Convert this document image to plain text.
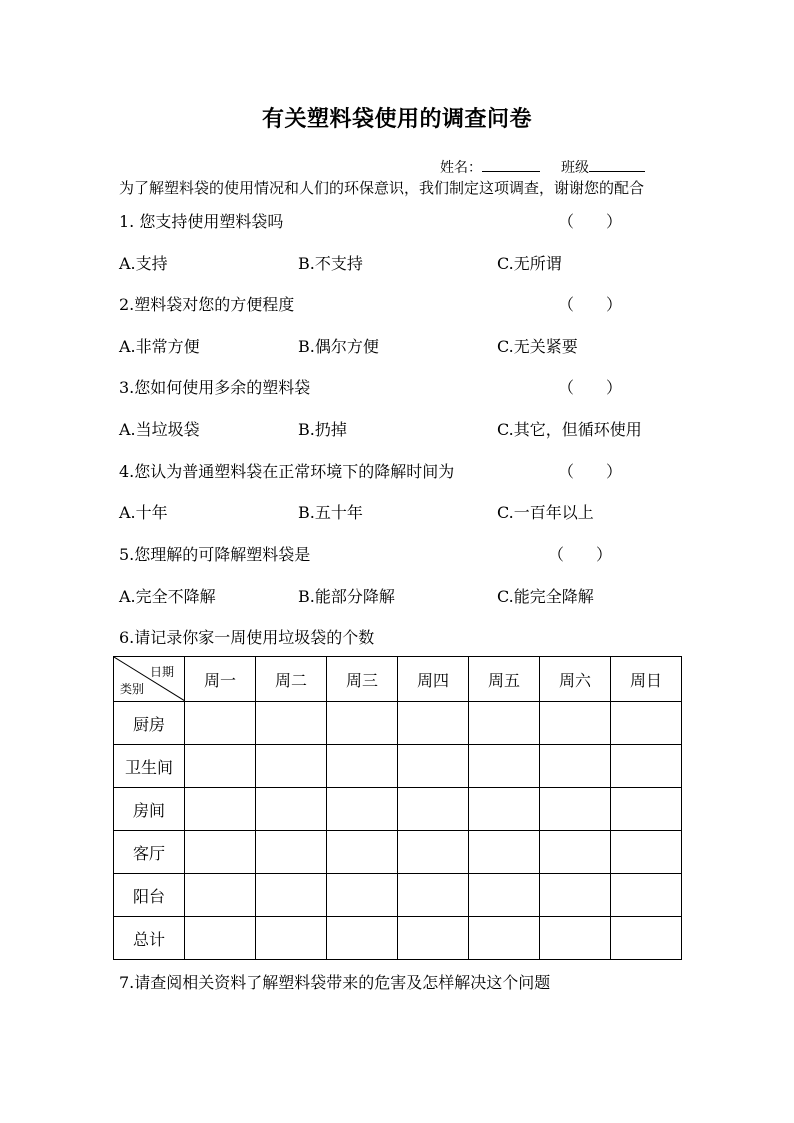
有关塑料袋使用的调查问卷
姓名：	班级
为了解塑料袋的使用情况和人们的环保意识，我们制定这项调查，谢谢您的配合
1. 您支持使用塑料袋吗	（　　）
A.支持	B.不支持	C.无所谓
2.塑料袋对您的方便程度	（　　）
A.非常方便	B.偶尔方便	C.无关紧要
3.您如何使用多余的塑料袋	（　　）
A.当垃圾袋	B.扔掉	C.其它，但循环使用
4.您认为普通塑料袋在正常环境下的降解时间为	（　　）
A.十年	B.五十年	C.一百年以上
5.您理解的可降解塑料袋是	（　　）
A.完全不降解	B.能部分降解	C.能完全降解
6.请记录你家一周使用垃圾袋的个数
日期
类别	周一	周二	周三	周四	周五	周六	周日
厨房							
卫生间							
房间							
客厅							
阳台							
总计							
7.请查阅相关资料了解塑料袋带来的危害及怎样解决这个问题
